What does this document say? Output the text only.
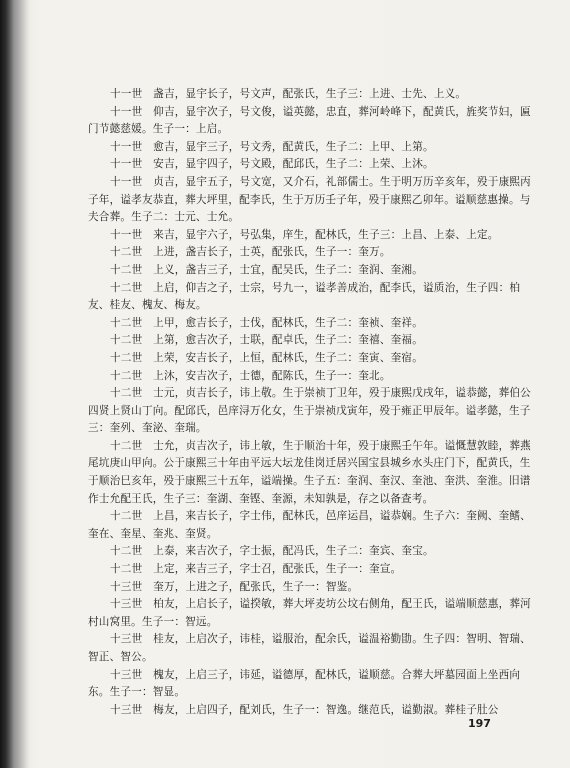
十一世　盏吉，显宇长子，号文声，配张氏，生子三：上进、士先、上义。

十一世　仰吉，显宇次子，号文俊，谥英懿，忠直，葬河岭峰下，配黄氏，旌奖节妇，匾门节懿慈媛。生子一：上启。

十一世　愈吉，显宇三子，号文秀，配黄氏，生子二：上甲、上第。

十一世　安吉，显宇四子，号文殿，配邱氏，生子二：上荣、上沐。

十一世　贞吉，显宇五子，号文宽，又介石，礼部儒士。生于明万历辛亥年，殁于康熙丙子年，谥孝友恭直，葬大坪里，配李氏，生于万历壬子年，殁于康熙乙卯年。谥顺慈惠操。与夫合葬。生子二：士元、士允。

十一世　来吉，显宇六子，号弘集，庠生，配林氏，生子三：上昌、上泰、上定。

十二世　上进，盏吉长子，士英，配张氏，生子一：奎万。

十二世　上义，盏吉三子，士宜，配吴氏，生子二：奎润、奎湘。

十二世　上启，仰吉之子，士宗，号九一，谥孝善成治，配李氏，谥质治，生子四：柏友、桂友、槐友、梅友。

十二世　上甲，愈吉长子，士伐，配林氏，生子二：奎祯、奎祥。

十二世　上第，愈吉次子，士联，配卓氏，生子二：奎禧、奎福。

十二世　上荣，安吉长子，上恒，配林氏，生子二：奎寅、奎宿。

十二世　上沐，安吉次子，士德，配陈氏，生子一：奎北。

十二世　士元，贞吉长子，讳上敬。生于崇祯丁卫年，殁于康熙戊戌年，谥恭懿，葬伯公四贤上贤山丁向。配邱氏，邑庠浔万化女，生于崇祯戊寅年，殁于雍正甲辰年。谥孝懿，生子三：奎列、奎泌、奎瑞。

十二世　士允，贞吉次子，讳上敏，生于顺治十年，殁于康熙壬午年。谥慨慧敦睦，葬燕尾坑庚山甲向。公于康熙三十年由平远大坛龙佳岗迁居兴国宝县城乡水头庄门下，配黄氏，生于顺治巳亥年，殁于康熙三十五年，谥端操。生子五：奎润、奎汉、奎池、奎洪、奎淮。旧谱作士允配王氏，生子三：奎湖、奎铿、奎源，未知孰是，存之以备查考。

十二世　上昌，来吉长子，字士伟，配林氏，邑庠运昌，谥恭娴。生子六：奎阙、奎鳍、奎在、奎星、奎兆、奎贤。

十二世　上泰，来吉次子，字士振，配冯氏，生子二：奎宾、奎宝。

十二世　上定，来吉三子，字士召，配张氏，生子一：奎宣。

十三世　奎万，上进之子，配张氏，生子一：智鉴。

十三世　柏友，上启长子，谥揆敏，葬大坪麦坊公坟右侧角，配王氏，谥端顺慈惠，葬河村山窝里。生子一：智远。

十三世　桂友，上启次子，讳桂，谥服治，配余氏，谥温裕勤勖。生子四：智明、智瑞、智正、智公。

十三世　槐友，上启三子，讳延，谥德厚，配林氏，谥顺慈。合葬大坪墓园面上坐西向东。生子一：智显。

十三世　梅友，上启四子，配刘氏，生子一：智逸。继范氏，谥勤淑。葬桂子肚公

197
